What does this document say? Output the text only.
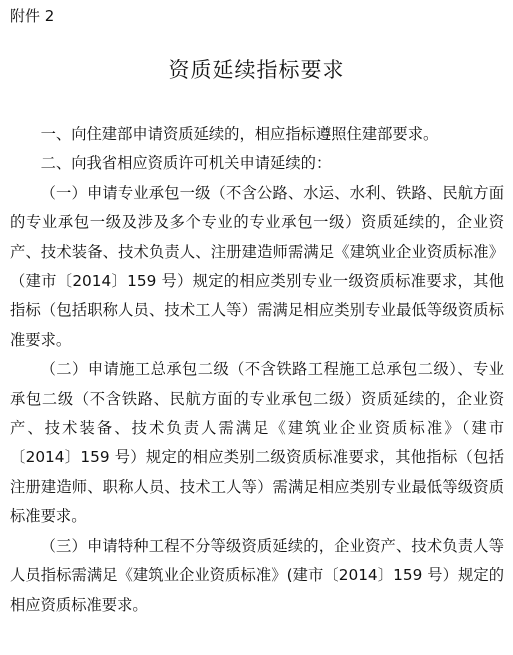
附件 2
资质延续指标要求

一、向住建部申请资质延续的，相应指标遵照住建部要求。

二、向我省相应资质许可机关申请延续的：

（一）申请专业承包一级（不含公路、水运、水利、铁路、民航方面的专业承包一级及涉及多个专业的专业承包一级）资质延续的，企业资产、技术装备、技术负责人、注册建造师需满足《建筑业企业资质标准》（建市〔2014〕159 号）规定的相应类别专业一级资质标准要求，其他指标（包括职称人员、技术工人等）需满足相应类别专业最低等级资质标准要求。

（二）申请施工总承包二级（不含铁路工程施工总承包二级）、专业承包二级（不含铁路、民航方面的专业承包二级）资质延续的，企业资产、技术装备、技术负责人需满足《建筑业企业资质标准》（建市〔2014〕159 号）规定的相应类别二级资质标准要求，其他指标（包括注册建造师、职称人员、技术工人等）需满足相应类别专业最低等级资质标准要求。

（三）申请特种工程不分等级资质延续的，企业资产、技术负责人等人员指标需满足《建筑业企业资质标准》(建市〔2014〕159 号）规定的相应资质标准要求。
